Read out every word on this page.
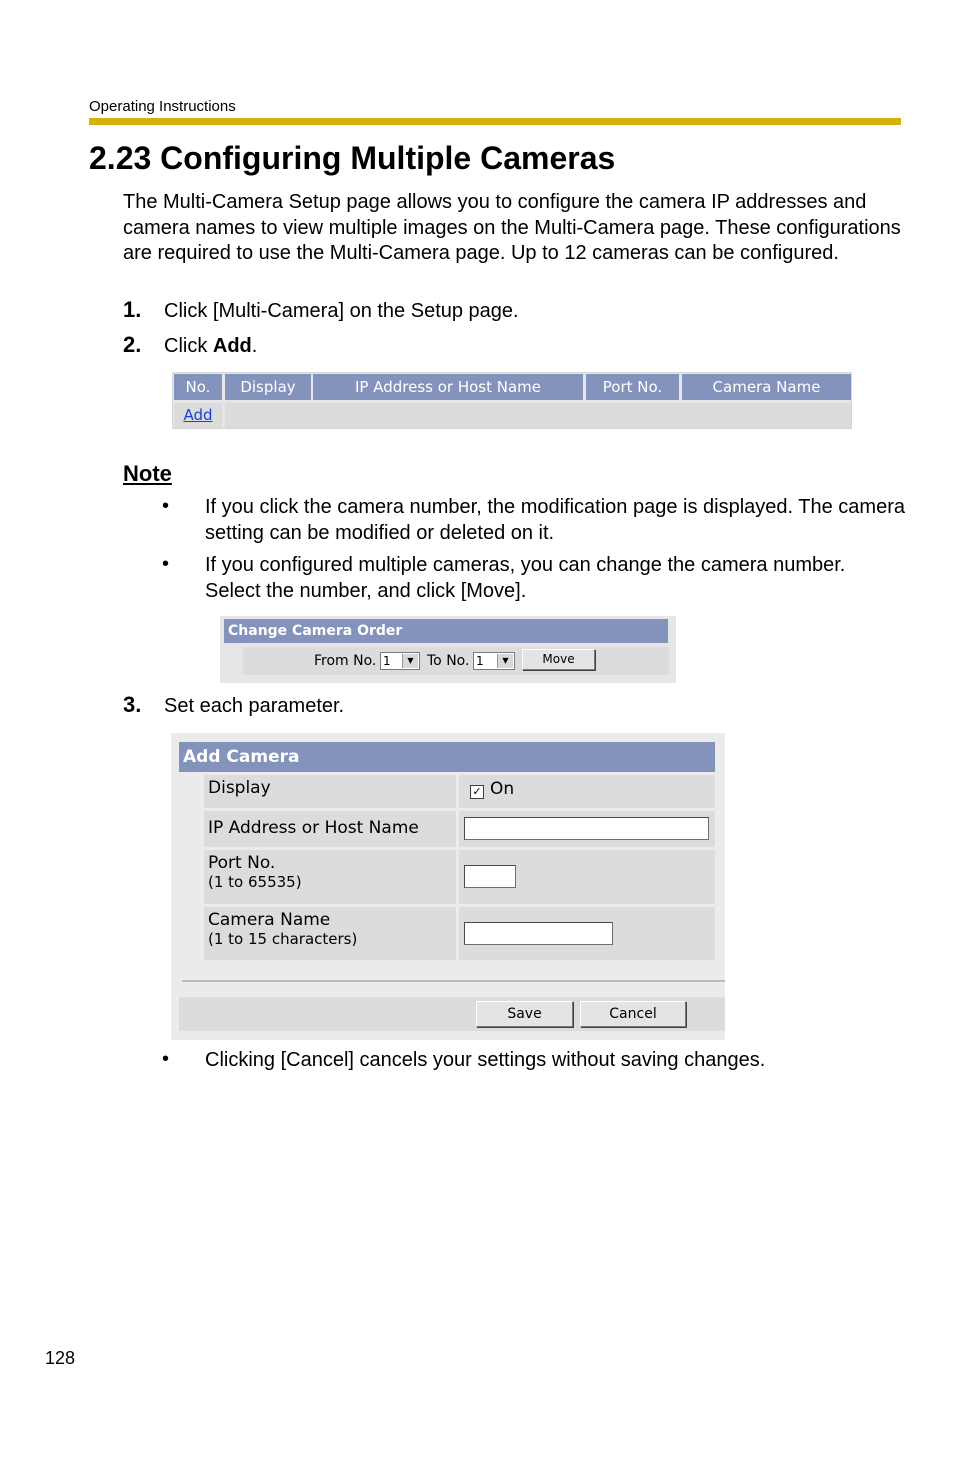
Operating Instructions
2.23 Configuring Multiple Cameras
The Multi-Camera Setup page allows you to configure the camera IP addresses and camera names to view multiple images on the Multi-Camera page. These configurations are required to use the Multi-Camera page. Up to 12 cameras can be configured.
1. Click [Multi-Camera] on the Setup page.
2. Click Add.
No.	Display	IP Address or Host Name	Port No.	Camera Name
Add
Note
• If you click the camera number, the modification page is displayed. The camera setting can be modified or deleted on it.
• If you configured multiple cameras, you can change the camera number. Select the number, and click [Move].
Change Camera Order
From No. 1	▼ To No. 1	▼	Move
3. Set each parameter.
Add Camera
Display	✓ On
IP Address or Host Name
Port No.
(1 to 65535)
Camera Name
(1 to 15 characters)
Save	Cancel
• Clicking [Cancel] cancels your settings without saving changes.
128
